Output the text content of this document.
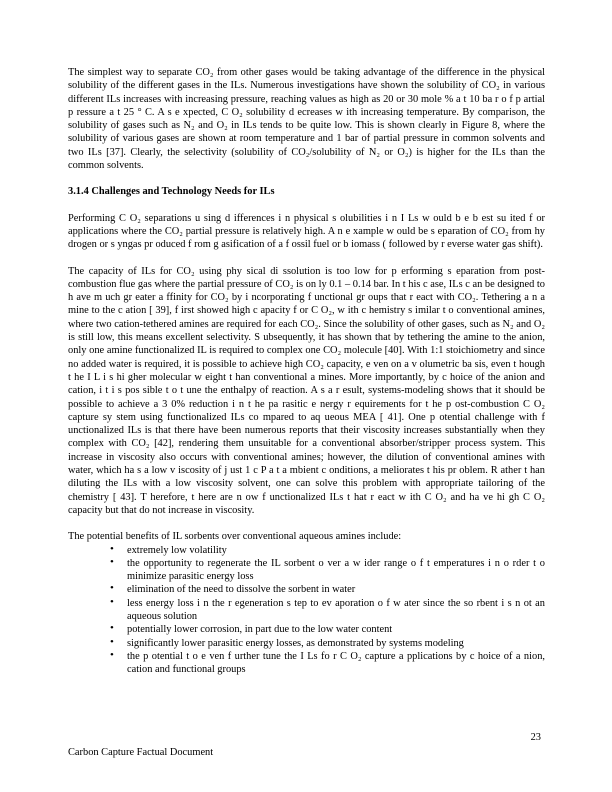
The simplest way to separate CO₂ from other gases would be taking advantage of the difference in the physical solubility of the different gases in the ILs. Numerous investigations have shown the solubility of CO₂ in various different ILs increases with increasing pressure, reaching values as high as 20 or 30 mole % a t 10 ba r o f p artial p ressure a t 25 ° C. A s e xpected, C O₂ solubility d ecreases w ith increasing temperature. By comparison, the solubility of gases such as N₂ and O₂ in ILs tends to be quite low. This is shown clearly in Figure 8, where the solubility of various gases are shown at room temperature and 1 bar of partial pressure in common solvents and two ILs [37]. Clearly, the selectivity (solubility of CO₂/solubility of N₂ or O₂) is higher for the ILs than the common solvents.

3.1.4 Challenges and Technology Needs for ILs

Performing C O₂ separations u sing d ifferences i n physical s olubilities i n I Ls w ould b e b est su ited f or applications where the CO₂ partial pressure is relatively high. A n e xample w ould be s eparation of CO₂ from hy drogen or s yngas pr oduced f rom g asification of a f ossil fuel or b iomass ( followed by r everse water gas shift).

The capacity of ILs for CO₂ using phy sical di ssolution is too low for p erforming s eparation from post-combustion flue gas where the partial pressure of CO₂ is on ly 0.1 – 0.14 bar. In t his c ase, ILs c an be designed to h ave m uch gr eater a ffinity for CO₂ by i ncorporating f unctional gr oups that r eact with CO₂. Tethering a n a mine to the c ation [ 39], f irst showed high c apacity f or C O₂, w ith c hemistry s imilar t o conventional amines, where two cation-tethered amines are required for each CO₂. Since the solubility of other gases, such as N₂ and O₂ is still low, this means excellent selectivity. S ubsequently, it has shown that by tethering the amine to the anion, only one amine functionalized IL is required to complex one CO₂ molecule [40]. With 1:1 stoichiometry and since no added water is required, it is possible to achieve high CO₂ capacity, e ven on a v olumetric ba sis, even t hough t he I L i s hi gher molecular w eight t han conventional a mines. More importantly, by c hoice of the anion and cation, i t i s pos sible t o t une the enthalpy of reaction. A s a r esult, systems-modeling shows that it should be possible to achieve a 3 0% reduction i n t he pa rasitic e nergy r equirements for t he p ost-combustion C O₂ capture sy stem using functionalized ILs co mpared to aq ueous MEA [ 41]. One p otential challenge with f unctionalized ILs is that there have been numerous reports that their viscosity increases substantially when they complex with CO₂ [42], rendering them unsuitable for a conventional absorber/stripper process system. This increase in viscosity also occurs with conventional amines; however, the dilution of conventional amines with water, which ha s a low v iscosity of j ust 1 c P a t a mbient c onditions, a meliorates t his pr oblem. R ather t han diluting the ILs with a low viscosity solvent, one can solve this problem with appropriate tailoring of the chemistry [ 43]. T herefore, t here are n ow f unctionalized ILs t hat r eact w ith C O₂ and ha ve hi gh C O₂ capacity but that do not increase in viscosity.

The potential benefits of IL sorbents over conventional aqueous amines include:

• extremely low volatility
• the opportunity to regenerate the IL sorbent o ver a w ider range o f t emperatures i n o rder t o minimize parasitic energy loss
• elimination of the need to dissolve the sorbent in water
• less energy loss i n the r egeneration s tep to ev aporation o f w ater since the so rbent i s n ot an aqueous solution
• potentially lower corrosion, in part due to the low water content
• significantly lower parasitic energy losses, as demonstrated by systems modeling
• the p otential t o e ven f urther tune the I Ls fo r C O₂ capture a pplications by c hoice of a nion, cation and functional groups
23
Carbon Capture Factual Document
